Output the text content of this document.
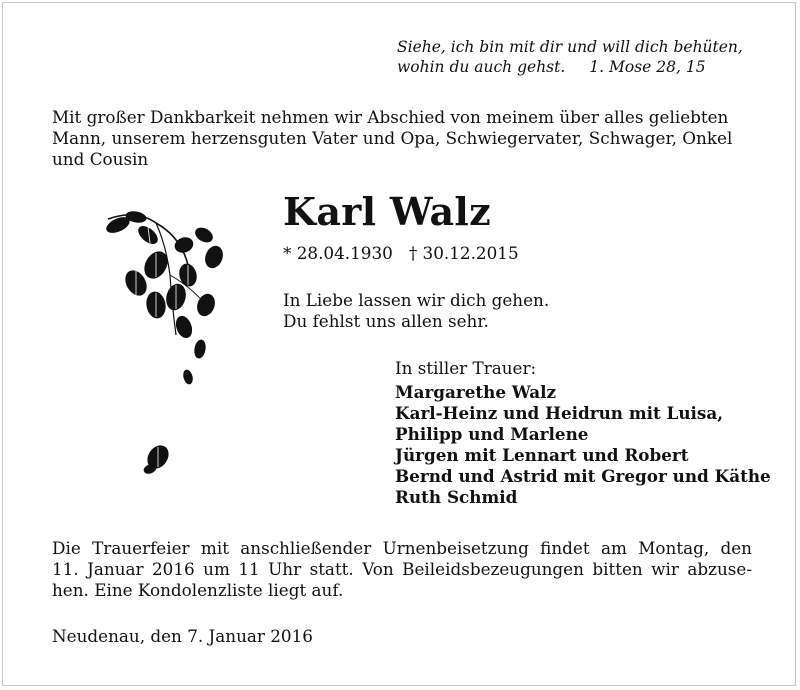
Siehe, ich bin mit dir und will dich behüten,
wohin du auch gehst. 1. Mose 28, 15
Mit großer Dankbarkeit nehmen wir Abschied von meinem über alles geliebten
Mann, unserem herzensguten Vater und Opa, Schwiegervater, Schwager, Onkel
und Cousin
Karl Walz
* 28.04.1930 † 30.12.2015
In Liebe lassen wir dich gehen.
Du fehlst uns allen sehr.
In stiller Trauer:
Margarethe Walz
Karl-Heinz und Heidrun mit Luisa,
Philipp und Marlene
Jürgen mit Lennart und Robert
Bernd und Astrid mit Gregor und Käthe
Ruth Schmid
Die Trauerfeier mit anschließender Urnenbeisetzung findet am Montag, den
11. Januar 2016 um 11 Uhr statt. Von Beileidsbezeugungen bitten wir abzuse-
hen. Eine Kondolenzliste liegt auf.
Neudenau, den 7. Januar 2016
